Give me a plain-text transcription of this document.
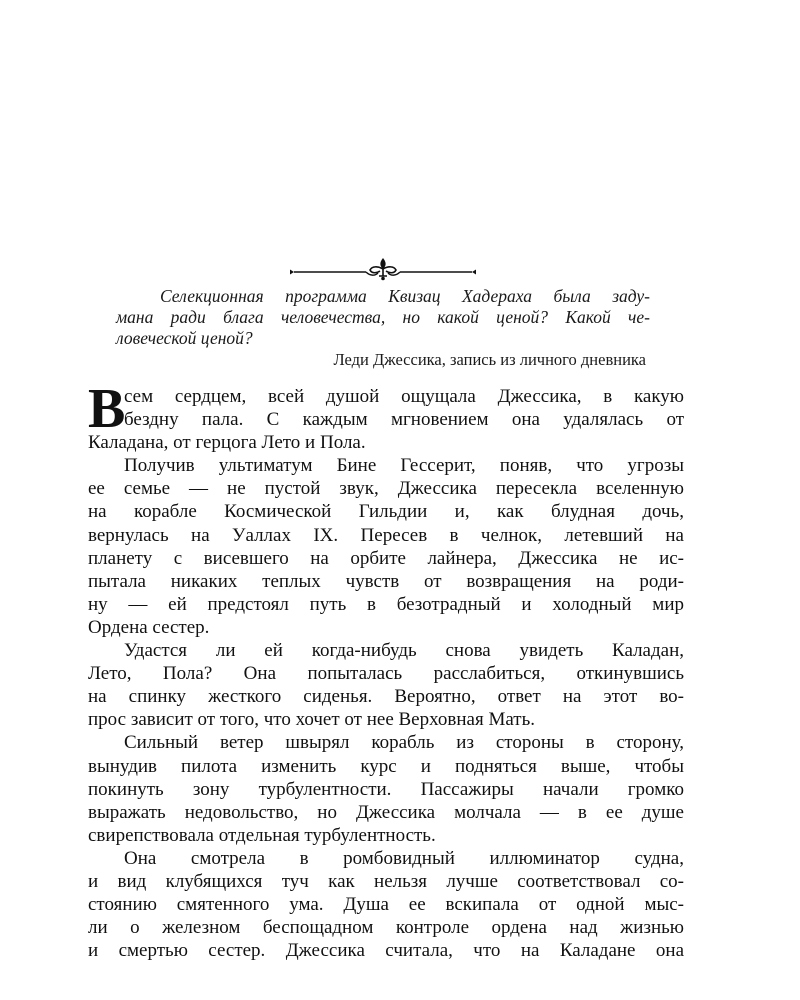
Селекционная программа Квизац Хадераха была заду-
мана ради блага человечества, но какой ценой? Какой че-
ловеческой ценой?
Леди Джессика, запись из личного дневника
В
сем сердцем, всей душой ощущала Джессика, в какую
бездну пала. С каждым мгновением она удалялась от
Каладана, от герцога Лето и Пола.
Получив ультиматум Бине Гессерит, поняв, что угрозы
ее семье — не пустой звук, Джессика пересекла вселенную
на корабле Космической Гильдии и, как блудная дочь,
вернулась на Уаллах IX. Пересев в челнок, летевший на
планету с висевшего на орбите лайнера, Джессика не ис-
пытала никаких теплых чувств от возвращения на роди-
ну — ей предстоял путь в безотрадный и холодный мир
Ордена сестер.
Удастся ли ей когда-нибудь снова увидеть Каладан,
Лето, Пола? Она попыталась расслабиться, откинувшись
на спинку жесткого сиденья. Вероятно, ответ на этот во-
прос зависит от того, что хочет от нее Верховная Мать.
Сильный ветер швырял корабль из стороны в сторону,
вынудив пилота изменить курс и подняться выше, чтобы
покинуть зону турбулентности. Пассажиры начали громко
выражать недовольство, но Джессика молчала — в ее душе
свирепствовала отдельная турбулентность.
Она смотрела в ромбовидный иллюминатор судна,
и вид клубящихся туч как нельзя лучше соответствовал со-
стоянию смятенного ума. Душа ее вскипала от одной мыс-
ли о железном беспощадном контроле ордена над жизнью
и смертью сестер. Джессика считала, что на Каладане она
